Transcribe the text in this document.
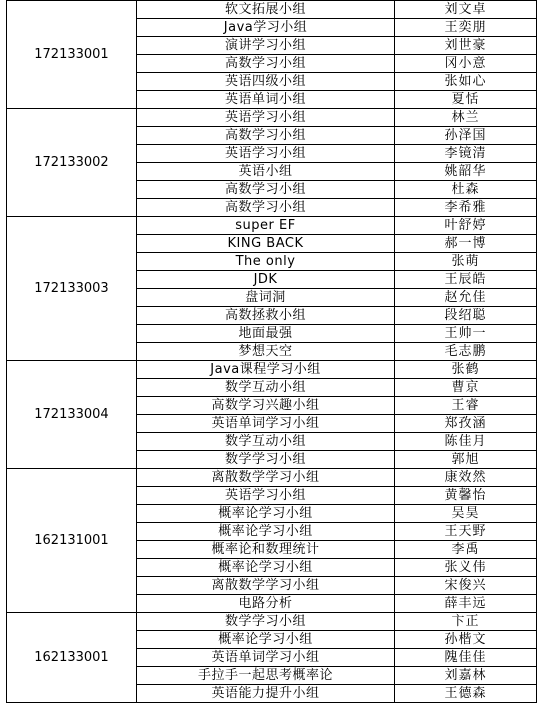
172133001	软文拓展小组	刘文卓
	Java学习小组	王奕朋
	演讲学习小组	刘世豪
	高数学习小组	冈小意
	英语四级小组	张如心
	英语单词小组	夏恬
172133002	英语学习小组	林兰
	高数学习小组	孙泽国
	英语学习小组	李镜清
	英语小组	姚韶华
	高数学习小组	杜森
	高数学习小组	李希雅
172133003	super EF	叶舒婷
	KING BACK	郝一博
	The only	张萌
	JDK	王辰皓
	盘词洞	赵允佳
	高数拯救小组	段绍聪
	地面最强	王帅一
	梦想天空	毛志鹏
172133004	Java课程学习小组	张鹤
	数学互动小组	曹京
	高数学习兴趣小组	王睿
	英语单词学习小组	郑孜涵
	数学互动小组	陈佳月
	数学学习小组	郭旭
162131001	离散数学学习小组	康效然
	英语学习小组	黄馨怡
	概率论学习小组	吴昊
	概率论学习小组	王天野
	概率论和数理统计	李禹
	概率论学习小组	张义伟
	离散数学学习小组	宋俊兴
	电路分析	薛丰远
162133001	数学学习小组	卞正
	概率论学习小组	孙楷文
	英语单词学习小组	隗佳佳
	手拉手一起思考概率论	刘嘉林
	英语能力提升小组	王德森
